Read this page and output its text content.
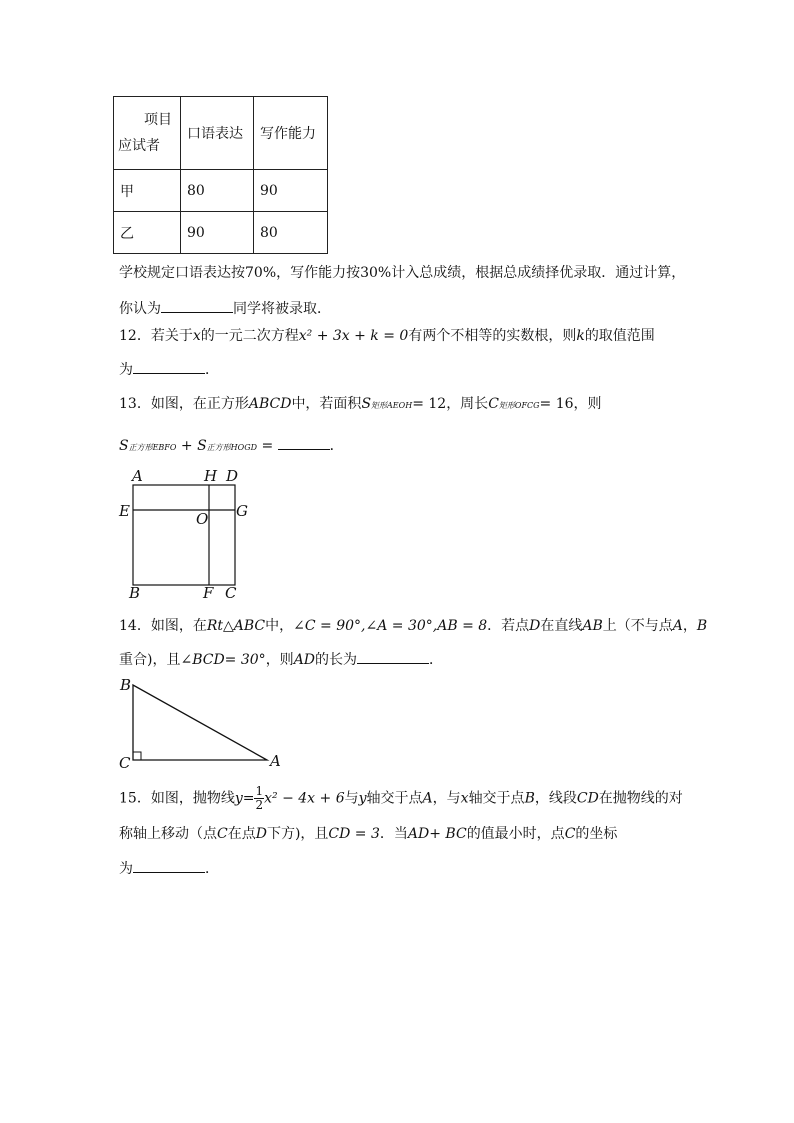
项目
应试者	口语表达	写作能力
甲	80	90
乙	90	80
学校规定口语表达按70%，写作能力按30%计入总成绩，根据总成绩择优录取．通过计算，
你认为	同学将被录取．
12．若关于x的一元二次方程x² + 3x + k = 0有两个不相等的实数根，则k的取值范围
为	．
13．如图，在正方形ABCD中，若面积S矩形AEOH= 12，周长C矩形OFCG= 16，则
S正方形EBFO + S正方形HOGD =	．
A	H D
E	O G
B	F C
14．如图，在Rt△ABC中，∠C = 90°,∠A = 30°,AB = 8．若点D在直线AB上（不与点A，B
重合)，且∠BCD= 30°，则AD的长为	．
B
C	A
15．如图，抛物线$y= \frac{1}{2} x^2 - 4x + 6$与y轴交于点A，与x轴交于点B，线段CD在抛物线的对
称轴上移动（点C在点D下方)，且CD = 3．当AD+ BC的值最小时，点C的坐标
为	．
